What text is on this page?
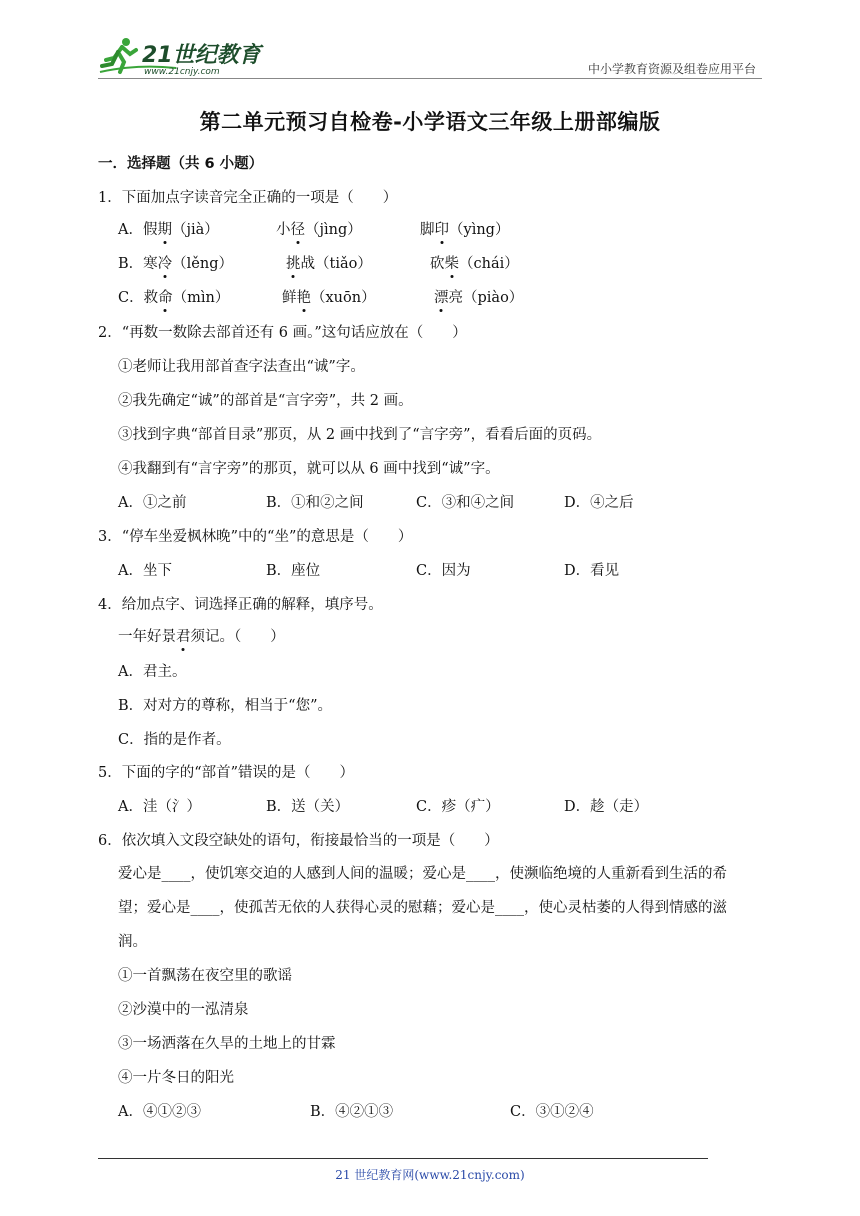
21世纪教育
www.21cnjy.com	中小学教育资源及组卷应用平台
第二单元预习自检卷-小学语文三年级上册部编版
一．选择题（共 6 小题）
1．下面加点字读音完全正确的一项是（　　）
A．假期（jià）	小径（jìng）	脚印（yìng）
B．寒冷（lěng）	挑战（tiǎo）	砍柴（chái）
C．救命（mìn）	鲜艳（xuōn）	漂亮（piào）
2．“再数一数除去部首还有 6 画。”这句话应放在（　　）
①老师让我用部首查字法查出“诚”字。
②我先确定“诚”的部首是“言字旁”，共 2 画。
③找到字典“部首目录”那页，从 2 画中找到了“言字旁”，看看后面的页码。
④我翻到有“言字旁”的那页，就可以从 6 画中找到“诚”字。
A．①之前	B．①和②之间	C．③和④之间	D．④之后
3．“停车坐爱枫林晚”中的“坐”的意思是（　　）
A．坐下	B．座位	C．因为	D．看见
4．给加点字、词选择正确的解释，填序号。
一年好景君须记。（　　）
A．君主。
B．对对方的尊称，相当于“您”。
C．指的是作者。
5．下面的字的“部首”错误的是（　　）
A．洼（氵）	B．送（关）	C．疹（疒）	D．趁（走）
6．依次填入文段空缺处的语句，衔接最恰当的一项是（　　）
爱心是____，使饥寒交迫的人感到人间的温暖；爱心是____，使濒临绝境的人重新看到生活的希
望；爱心是____，使孤苦无依的人获得心灵的慰藉；爱心是____，使心灵枯萎的人得到情感的滋
润。
①一首飘荡在夜空里的歌谣
②沙漠中的一泓清泉
③一场洒落在久旱的土地上的甘霖
④一片冬日的阳光
A．④①②③	B．④②①③	C．③①②④
21 世纪教育网(www.21cnjy.com)
